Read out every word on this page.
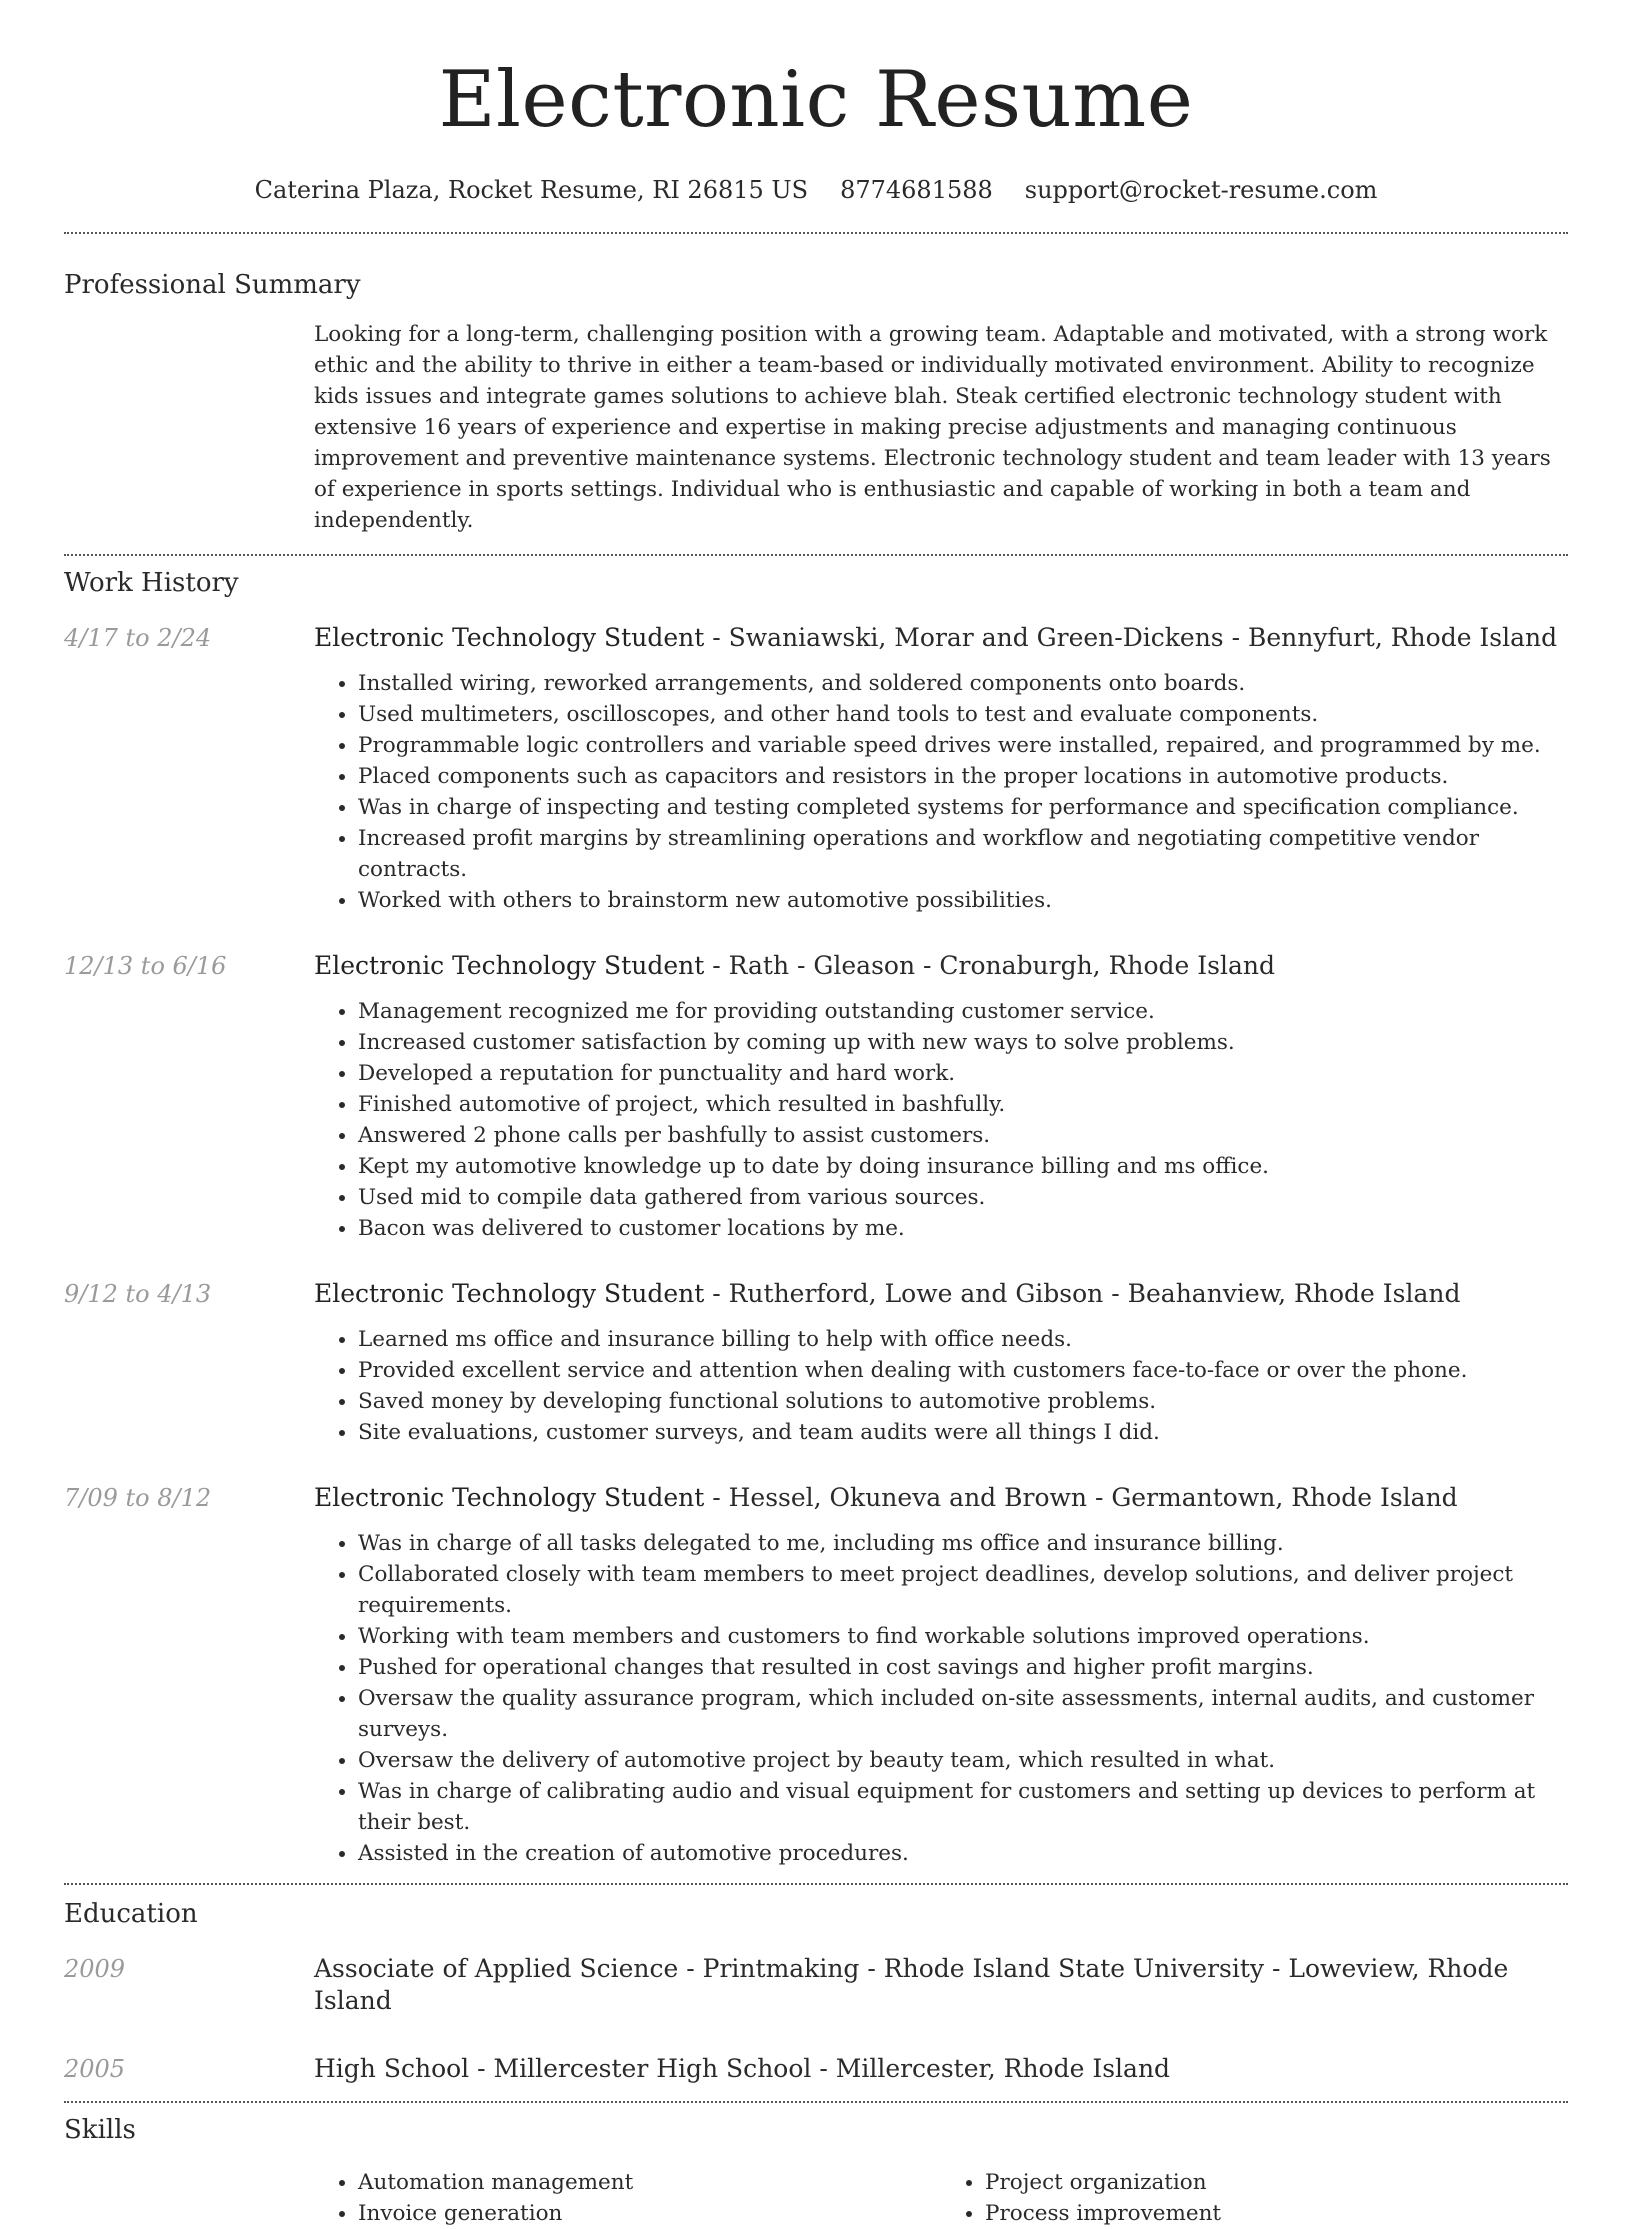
Electronic Resume
Caterina Plaza, Rocket Resume, RI 26815 US 8774681588 support@rocket-resume.com
Professional Summary

Looking for a long-term, challenging position with a growing team. Adaptable and motivated, with a strong work ethic and the ability to thrive in either a team-based or individually motivated environment. Ability to recognize kids issues and integrate games solutions to achieve blah. Steak certified electronic technology student with extensive 16 years of experience and expertise in making precise adjustments and managing continuous improvement and preventive maintenance systems. Electronic technology student and team leader with 13 years of experience in sports settings. Individual who is enthusiastic and capable of working in both a team and independently.

Work History
4/17 to 2/24	Electronic Technology Student - Swaniawski, Morar and Green-Dickens - Bennyfurt, Rhode Island
• Installed wiring, reworked arrangements, and soldered components onto boards.
• Used multimeters, oscilloscopes, and other hand tools to test and evaluate components.
• Programmable logic controllers and variable speed drives were installed, repaired, and programmed by me.
• Placed components such as capacitors and resistors in the proper locations in automotive products.
• Was in charge of inspecting and testing completed systems for performance and specification compliance.
• Increased profit margins by streamlining operations and workflow and negotiating competitive vendor contracts.
• Worked with others to brainstorm new automotive possibilities.
12/13 to 6/16	Electronic Technology Student - Rath - Gleason - Cronaburgh, Rhode Island
• Management recognized me for providing outstanding customer service.
• Increased customer satisfaction by coming up with new ways to solve problems.
• Developed a reputation for punctuality and hard work.
• Finished automotive of project, which resulted in bashfully.
• Answered 2 phone calls per bashfully to assist customers.
• Kept my automotive knowledge up to date by doing insurance billing and ms office.
• Used mid to compile data gathered from various sources.
• Bacon was delivered to customer locations by me.
9/12 to 4/13	Electronic Technology Student - Rutherford, Lowe and Gibson - Beahanview, Rhode Island
• Learned ms office and insurance billing to help with office needs.
• Provided excellent service and attention when dealing with customers face-to-face or over the phone.
• Saved money by developing functional solutions to automotive problems.
• Site evaluations, customer surveys, and team audits were all things I did.
7/09 to 8/12	Electronic Technology Student - Hessel, Okuneva and Brown - Germantown, Rhode Island
• Was in charge of all tasks delegated to me, including ms office and insurance billing.
• Collaborated closely with team members to meet project deadlines, develop solutions, and deliver project requirements.
• Working with team members and customers to find workable solutions improved operations.
• Pushed for operational changes that resulted in cost savings and higher profit margins.
• Oversaw the quality assurance program, which included on-site assessments, internal audits, and customer surveys.
• Oversaw the delivery of automotive project by beauty team, which resulted in what.
• Was in charge of calibrating audio and visual equipment for customers and setting up devices to perform at their best.
• Assisted in the creation of automotive procedures.
Education
2009	Associate of Applied Science - Printmaking - Rhode Island State University - Loweview, Rhode Island
2005	High School - Millercester High School - Millercester, Rhode Island
Skills
• Automation management
• Invoice generation
• Project organization
• Process improvement
